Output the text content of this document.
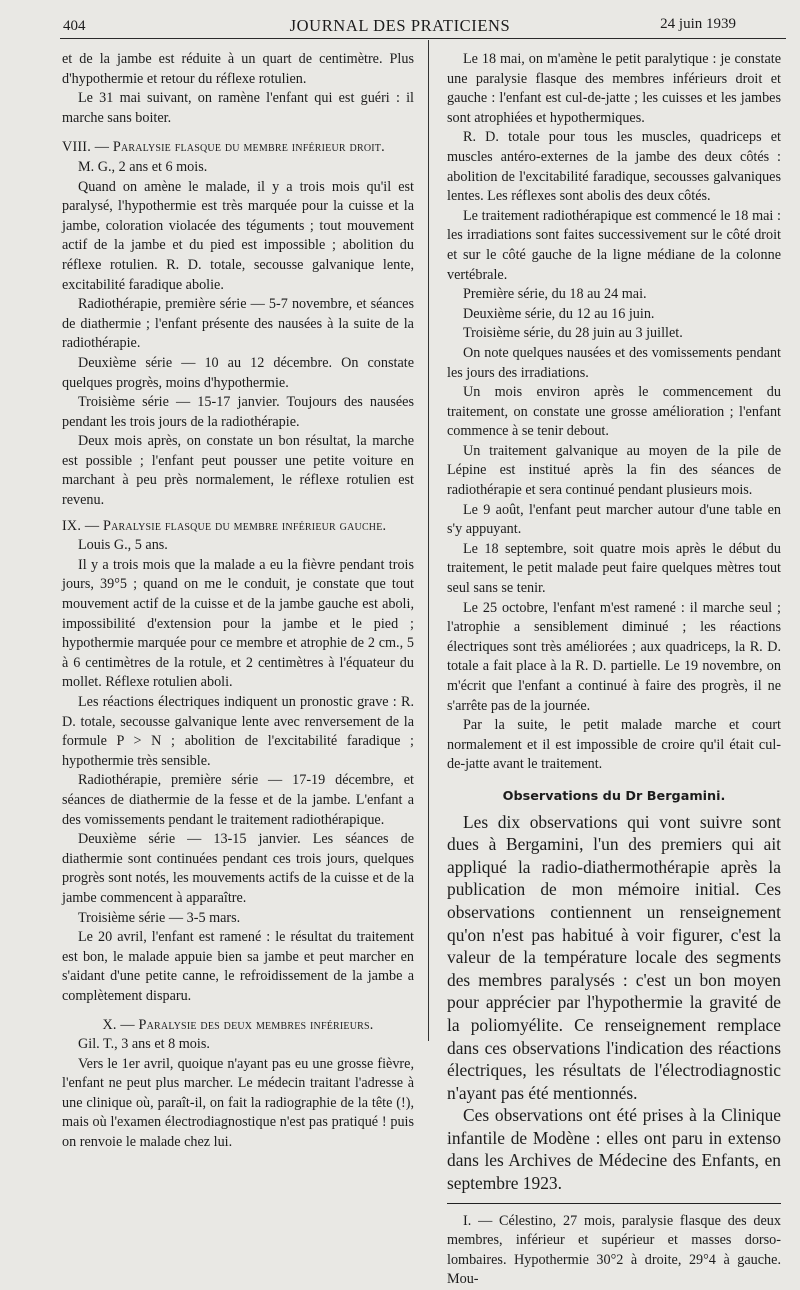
404	JOURNAL DES PRATICIENS	24 juin 1939

et de la jambe est réduite à un quart de centimètre. Plus d'hypothermie et retour du réflexe rotulien.

Le 31 mai suivant, on ramène l'enfant qui est guéri : il marche sans boiter.

VIII. — Paralysie flasque du membre inférieur droit.

M. G., 2 ans et 6 mois.

Quand on amène le malade, il y a trois mois qu'il est paralysé, l'hypothermie est très marquée pour la cuisse et la jambe, coloration violacée des téguments ; tout mouvement actif de la jambe et du pied est impossible ; abolition du réflexe rotulien. R. D. totale, secousse galvanique lente, excitabilité faradique abolie.

Radiothérapie, première série — 5-7 novembre, et séances de diathermie ; l'enfant présente des nausées à la suite de la radiothérapie.

Deuxième série — 10 au 12 décembre. On constate quelques progrès, moins d'hypothermie.

Troisième série — 15-17 janvier. Toujours des nausées pendant les trois jours de la radiothérapie.

Deux mois après, on constate un bon résultat, la marche est possible ; l'enfant peut pousser une petite voiture en marchant à peu près normalement, le réflexe rotulien est revenu.

IX. — Paralysie flasque du membre inférieur gauche.

Louis G., 5 ans.

Il y a trois mois que la malade a eu la fièvre pendant trois jours, 39°5 ; quand on me le conduit, je constate que tout mouvement actif de la cuisse et de la jambe gauche est aboli, impossibilité d'extension pour la jambe et le pied ; hypothermie marquée pour ce membre et atrophie de 2 cm., 5 à 6 centimètres de la rotule, et 2 centimètres à l'équateur du mollet. Réflexe rotulien aboli.

Les réactions électriques indiquent un pronostic grave : R. D. totale, secousse galvanique lente avec renversement de la formule P > N ; abolition de l'excitabilité faradique ; hypothermie très sensible.

Radiothérapie, première série — 17-19 décembre, et séances de diathermie de la fesse et de la jambe. L'enfant a des vomissements pendant le traitement radiothérapique.

Deuxième série — 13-15 janvier. Les séances de diathermie sont continuées pendant ces trois jours, quelques progrès sont notés, les mouvements actifs de la cuisse et de la jambe commencent à apparaître.

Troisième série — 3-5 mars.

Le 20 avril, l'enfant est ramené : le résultat du traitement est bon, le malade appuie bien sa jambe et peut marcher en s'aidant d'une petite canne, le refroidissement de la jambe a complètement disparu.

X. — Paralysie des deux membres inférieurs.

Gil. T., 3 ans et 8 mois.

Vers le 1er avril, quoique n'ayant pas eu une grosse fièvre, l'enfant ne peut plus marcher. Le médecin traitant l'adresse à une clinique où, paraît-il, on fait la radiographie de la tête (!), mais où l'examen électrodiagnostique n'est pas pratiqué ! puis on renvoie le malade chez lui.

Le 18 mai, on m'amène le petit paralytique : je constate une paralysie flasque des membres inférieurs droit et gauche : l'enfant est cul-de-jatte ; les cuisses et les jambes sont atrophiées et hypothermiques.

R. D. totale pour tous les muscles, quadriceps et muscles antéro-externes de la jambe des deux côtés : abolition de l'excitabilité faradique, secousses galvaniques lentes. Les réflexes sont abolis des deux côtés.

Le traitement radiothérapique est commencé le 18 mai : les irradiations sont faites successivement sur le côté droit et sur le côté gauche de la ligne médiane de la colonne vertébrale.

Première série, du 18 au 24 mai.

Deuxième série, du 12 au 16 juin.

Troisième série, du 28 juin au 3 juillet.

On note quelques nausées et des vomissements pendant les jours des irradiations.

Un mois environ après le commencement du traitement, on constate une grosse amélioration ; l'enfant commence à se tenir debout.

Un traitement galvanique au moyen de la pile de Lépine est institué après la fin des séances de radiothérapie et sera continué pendant plusieurs mois.

Le 9 août, l'enfant peut marcher autour d'une table en s'y appuyant.

Le 18 septembre, soit quatre mois après le début du traitement, le petit malade peut faire quelques mètres tout seul sans se tenir.

Le 25 octobre, l'enfant m'est ramené : il marche seul ; l'atrophie a sensiblement diminué ; les réactions électriques sont très améliorées ; aux quadriceps, la R. D. totale a fait place à la R. D. partielle. Le 19 novembre, on m'écrit que l'enfant a continué à faire des progrès, il ne s'arrête pas de la journée.

Par la suite, le petit malade marche et court normalement et il est impossible de croire qu'il était cul-de-jatte avant le traitement.

Observations du Dr Bergamini.

Les dix observations qui vont suivre sont dues à Bergamini, l'un des premiers qui ait appliqué la radio-diathermothérapie après la publication de mon mémoire initial. Ces observations contiennent un renseignement qu'on n'est pas habitué à voir figurer, c'est la valeur de la température locale des segments des membres paralysés : c'est un bon moyen pour apprécier par l'hypothermie la gravité de la poliomyélite. Ce renseignement remplace dans ces observations l'indication des réactions électriques, les résultats de l'électrodiagnostic n'ayant pas été mentionnés.

Ces observations ont été prises à la Clinique infantile de Modène : elles ont paru in extenso dans les Archives de Médecine des Enfants, en septembre 1923.

I. — Célestino, 27 mois, paralysie flasque des deux membres, inférieur et supérieur et masses dorso-lombaires. Hypothermie 30°2 à droite, 29°4 à gauche. Mou-
